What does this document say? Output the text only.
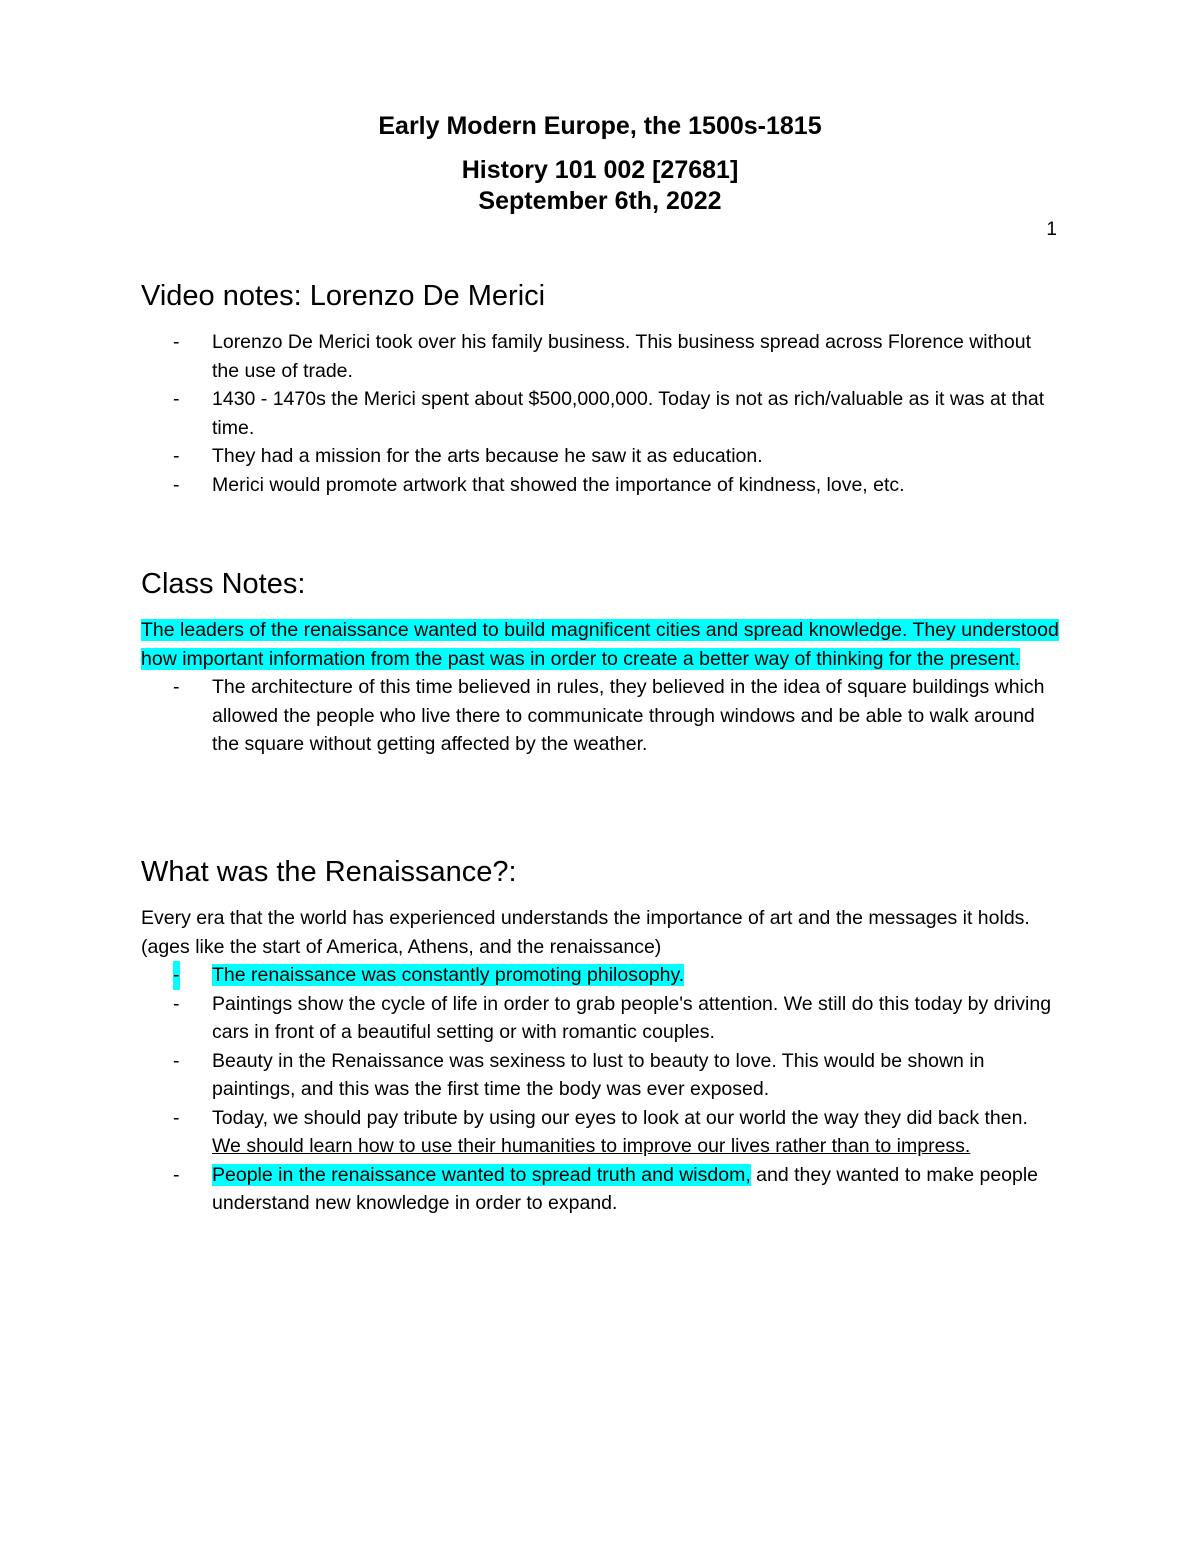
Early Modern Europe, the 1500s-1815
History 101 002 [27681]
September 6th, 2022
1
Video notes: Lorenzo De Merici
- Lorenzo De Merici took over his family business. This business spread across Florence without the use of trade.
- 1430 - 1470s the Merici spent about $500,000,000. Today is not as rich/valuable as it was at that time.
- They had a mission for the arts because he saw it as education.
- Merici would promote artwork that showed the importance of kindness, love, etc.
Class Notes:

The leaders of the renaissance wanted to build magnificent cities and spread knowledge. They understood how important information from the past was in order to create a better way of thinking for the present.

- The architecture of this time believed in rules, they believed in the idea of square buildings which allowed the people who live there to communicate through windows and be able to walk around the square without getting affected by the weather.
What was the Renaissance?:

Every era that the world has experienced understands the importance of art and the messages it holds. (ages like the start of America, Athens, and the renaissance)

- The renaissance was constantly promoting philosophy.
- Paintings show the cycle of life in order to grab people's attention. We still do this today by driving cars in front of a beautiful setting or with romantic couples.
- Beauty in the Renaissance was sexiness to lust to beauty to love. This would be shown in paintings, and this was the first time the body was ever exposed.
- Today, we should pay tribute by using our eyes to look at our world the way they did back then. We should learn how to use their humanities to improve our lives rather than to impress.
- People in the renaissance wanted to spread truth and wisdom, and they wanted to make people understand new knowledge in order to expand.
